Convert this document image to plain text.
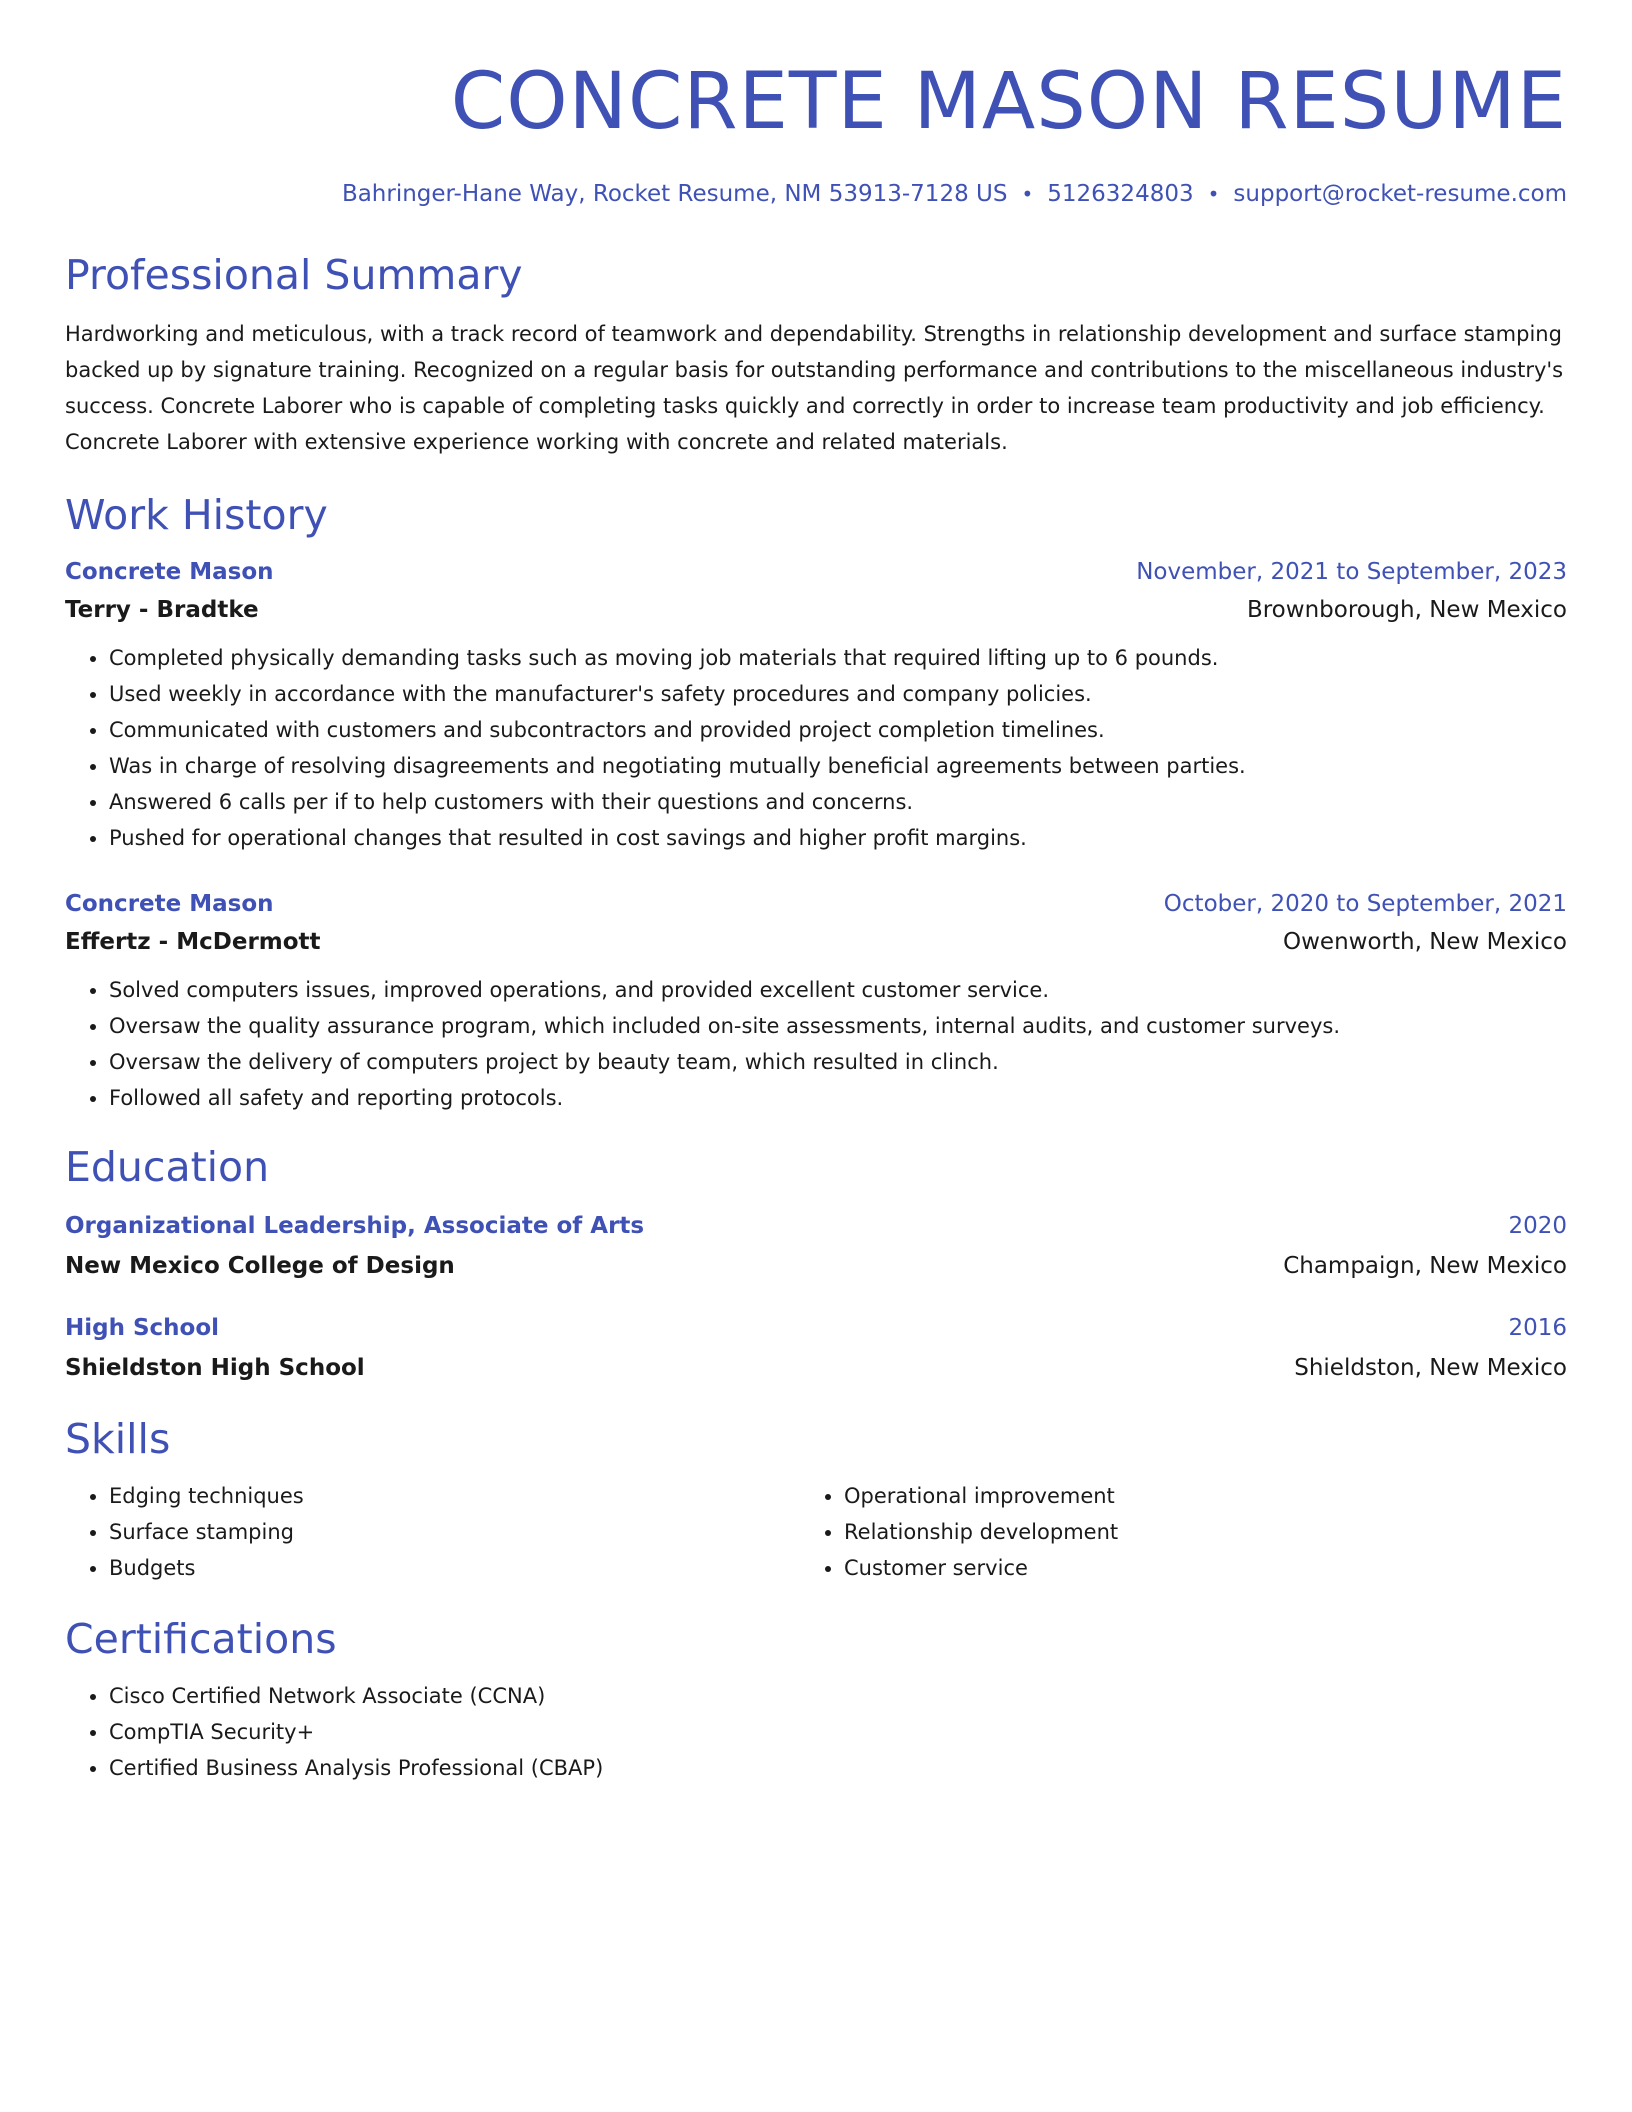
CONCRETE MASON RESUME
Bahringer-Hane Way, Rocket Resume, NM 53913-7128 US • 5126324803 • support@rocket-resume.com
Professional Summary

Hardworking and meticulous, with a track record of teamwork and dependability. Strengths in relationship development and surface stamping backed up by signature training. Recognized on a regular basis for outstanding performance and contributions to the miscellaneous industry's success. Concrete Laborer who is capable of completing tasks quickly and correctly in order to increase team productivity and job efficiency. Concrete Laborer with extensive experience working with concrete and related materials.

Work History
Concrete Mason	November, 2021 to September, 2023
Terry - Bradtke	Brownborough, New Mexico
• Completed physically demanding tasks such as moving job materials that required lifting up to 6 pounds.
• Used weekly in accordance with the manufacturer's safety procedures and company policies.
• Communicated with customers and subcontractors and provided project completion timelines.
• Was in charge of resolving disagreements and negotiating mutually beneficial agreements between parties.
• Answered 6 calls per if to help customers with their questions and concerns.
• Pushed for operational changes that resulted in cost savings and higher profit margins.
Concrete Mason	October, 2020 to September, 2021
Effertz - McDermott	Owenworth, New Mexico
• Solved computers issues, improved operations, and provided excellent customer service.
• Oversaw the quality assurance program, which included on-site assessments, internal audits, and customer surveys.
• Oversaw the delivery of computers project by beauty team, which resulted in clinch.
• Followed all safety and reporting protocols.
Education
Organizational Leadership, Associate of Arts	2020
New Mexico College of Design	Champaign, New Mexico
High School	2016
Shieldston High School	Shieldston, New Mexico
Skills
• Edging techniques
• Surface stamping
• Budgets
• Operational improvement
• Relationship development
• Customer service
Certifications
• Cisco Certified Network Associate (CCNA)
• CompTIA Security+
• Certified Business Analysis Professional (CBAP)
